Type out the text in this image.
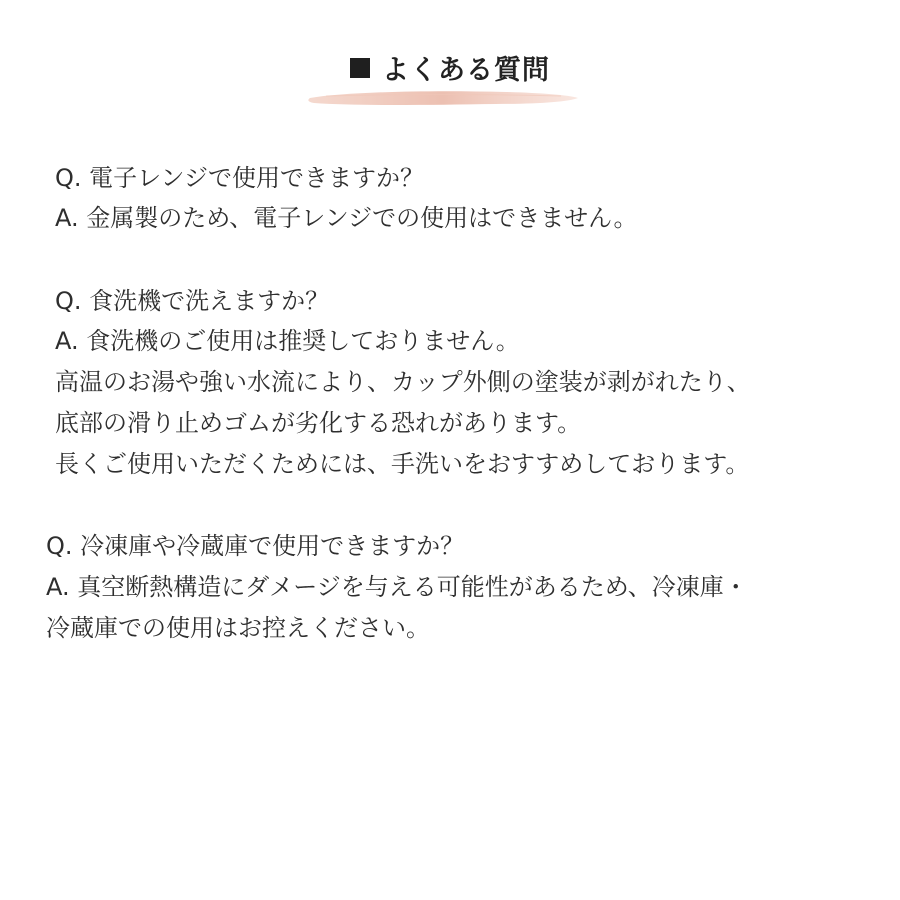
よくある質問
Q. 電子レンジで使用できますか？
A. 金属製のため、電子レンジでの使用はできません。
Q. 食洗機で洗えますか？
A. 食洗機のご使用は推奨しておりません。
高温のお湯や強い水流により、カップ外側の塗装が剥がれたり、
底部の滑り止めゴムが劣化する恐れがあります。
長くご使用いただくためには、手洗いをおすすめしております。
Q. 冷凍庫や冷蔵庫で使用できますか？
A. 真空断熱構造にダメージを与える可能性があるため、冷凍庫・
冷蔵庫での使用はお控えください。
